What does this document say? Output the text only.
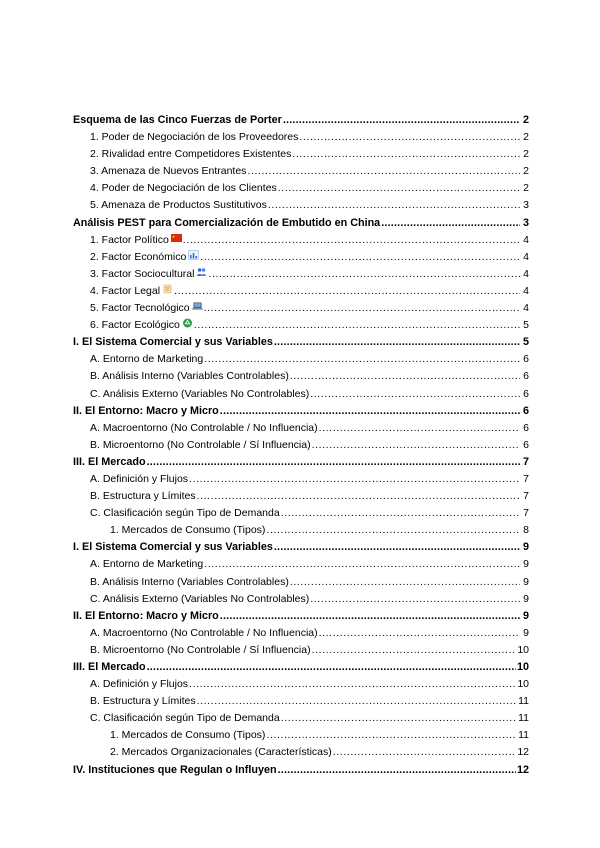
Esquema de las Cinco Fuerzas de Porter .....	2
1. Poder de Negociación de los Proveedores .....	2
2. Rivalidad entre Competidores Existentes .....	2
3. Amenaza de Nuevos Entrantes .....	2
4. Poder de Negociación de los Clientes .....	2
5. Amenaza de Productos Sustitutivos .....	3
Análisis PEST para Comercialización de Embutido en China .....	3
1. Factor Político .....	4
2. Factor Económico .....	4
3. Factor Sociocultural .....	4
4. Factor Legal .....	4
5. Factor Tecnológico .....	4
6. Factor Ecológico .....	5
I. El Sistema Comercial y sus Variables .....	5
A. Entorno de Marketing .....	6
B. Análisis Interno (Variables Controlables) .....	6
C. Análisis Externo (Variables No Controlables) .....	6
II. El Entorno: Macro y Micro .....	6
A. Macroentorno (No Controlable / No Influencia) .....	6
B. Microentorno (No Controlable / Sí Influencia) .....	6
III. El Mercado .....	7
A. Definición y Flujos .....	7
B. Estructura y Límites .....	7
C. Clasificación según Tipo de Demanda .....	7
1. Mercados de Consumo (Tipos) .....	8
I. El Sistema Comercial y sus Variables .....	9
A. Entorno de Marketing .....	9
B. Análisis Interno (Variables Controlables) .....	9
C. Análisis Externo (Variables No Controlables) .....	9
II. El Entorno: Macro y Micro .....	9
A. Macroentorno (No Controlable / No Influencia) .....	9
B. Microentorno (No Controlable / Sí Influencia) .....	10
III. El Mercado .....	10
A. Definición y Flujos .....	10
B. Estructura y Límites .....	11
C. Clasificación según Tipo de Demanda .....	11
1. Mercados de Consumo (Tipos) .....	11
2. Mercados Organizacionales (Características) .....	12
IV. Instituciones que Regulan o Influyen .....	12
